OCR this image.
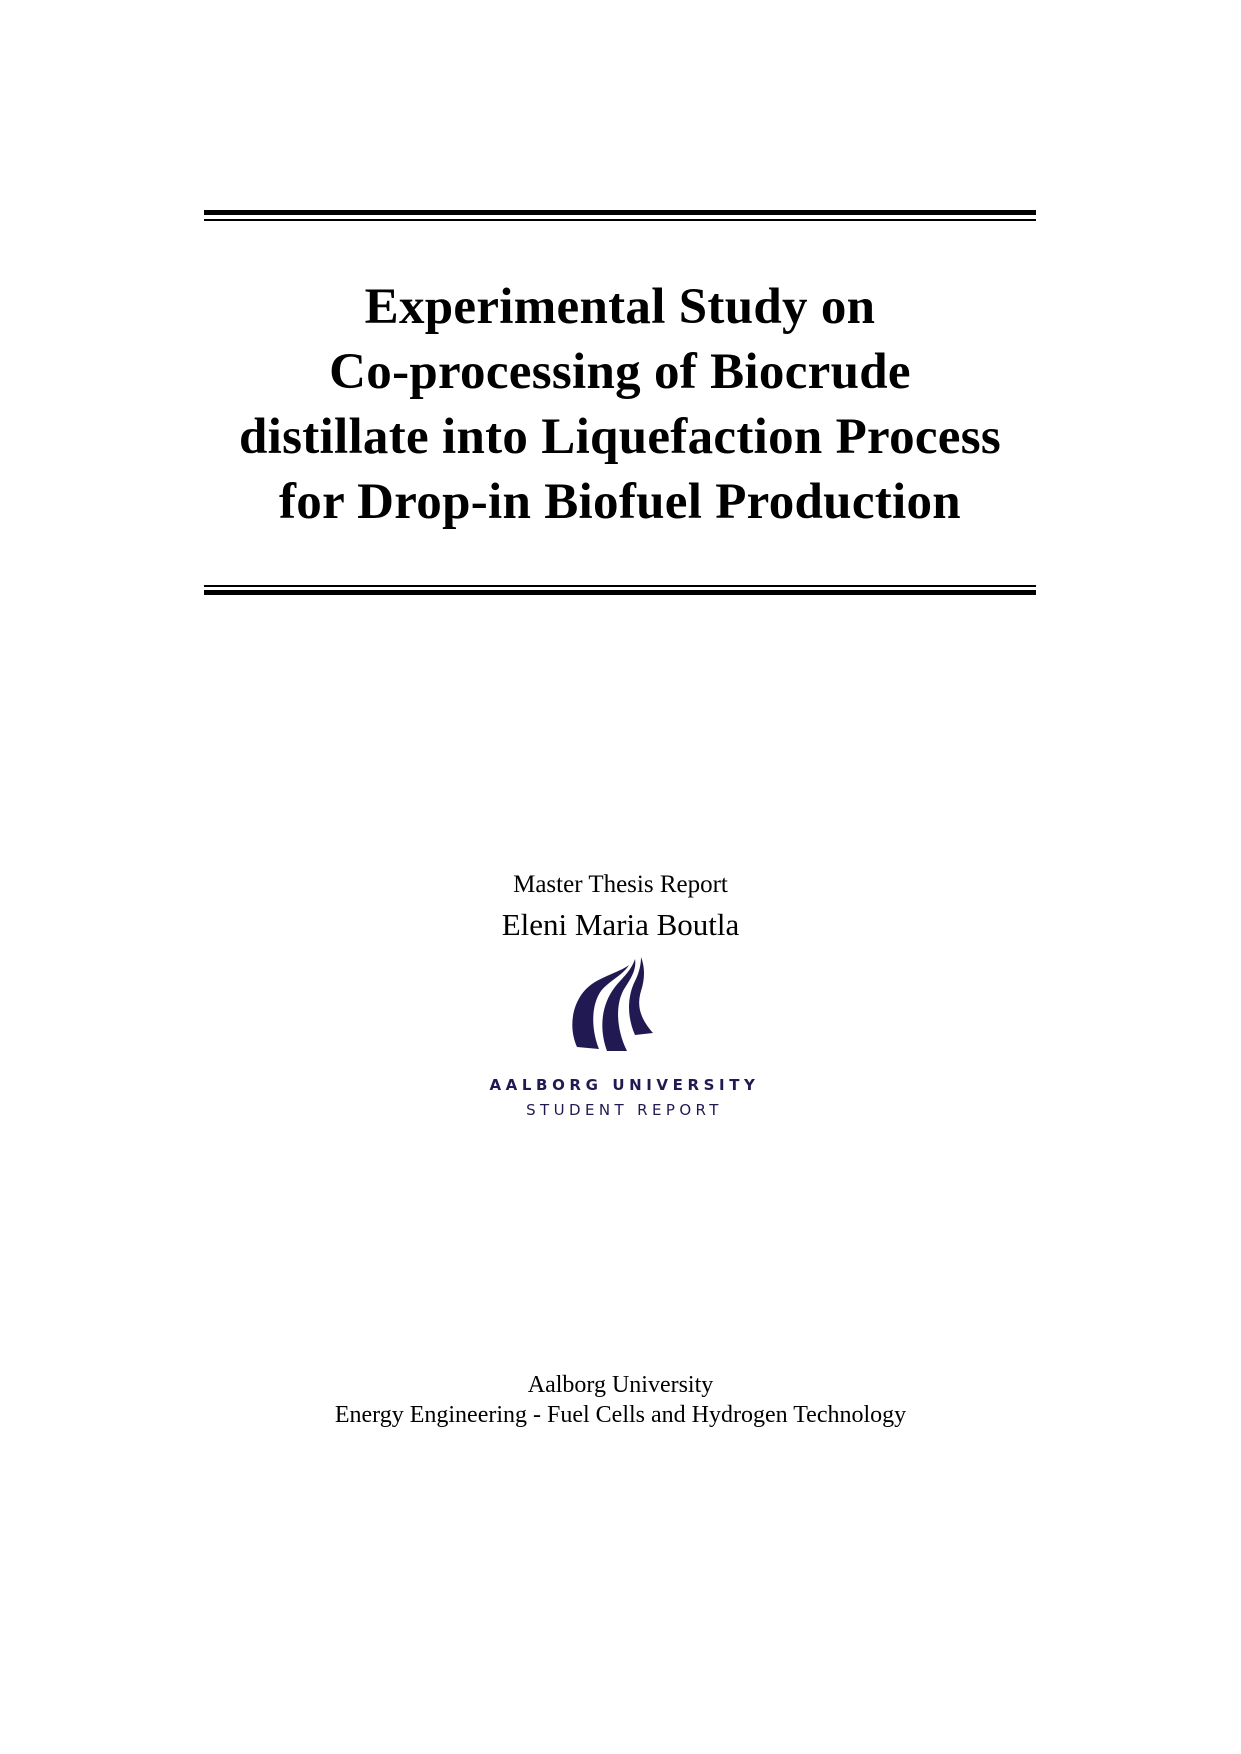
Experimental Study on
Co-processing of Biocrude
distillate into Liquefaction Process
for Drop-in Biofuel Production
Master Thesis Report
Eleni Maria Boutla
AALBORG UNIVERSITY
STUDENT REPORT
Aalborg University
Energy Engineering - Fuel Cells and Hydrogen Technology
